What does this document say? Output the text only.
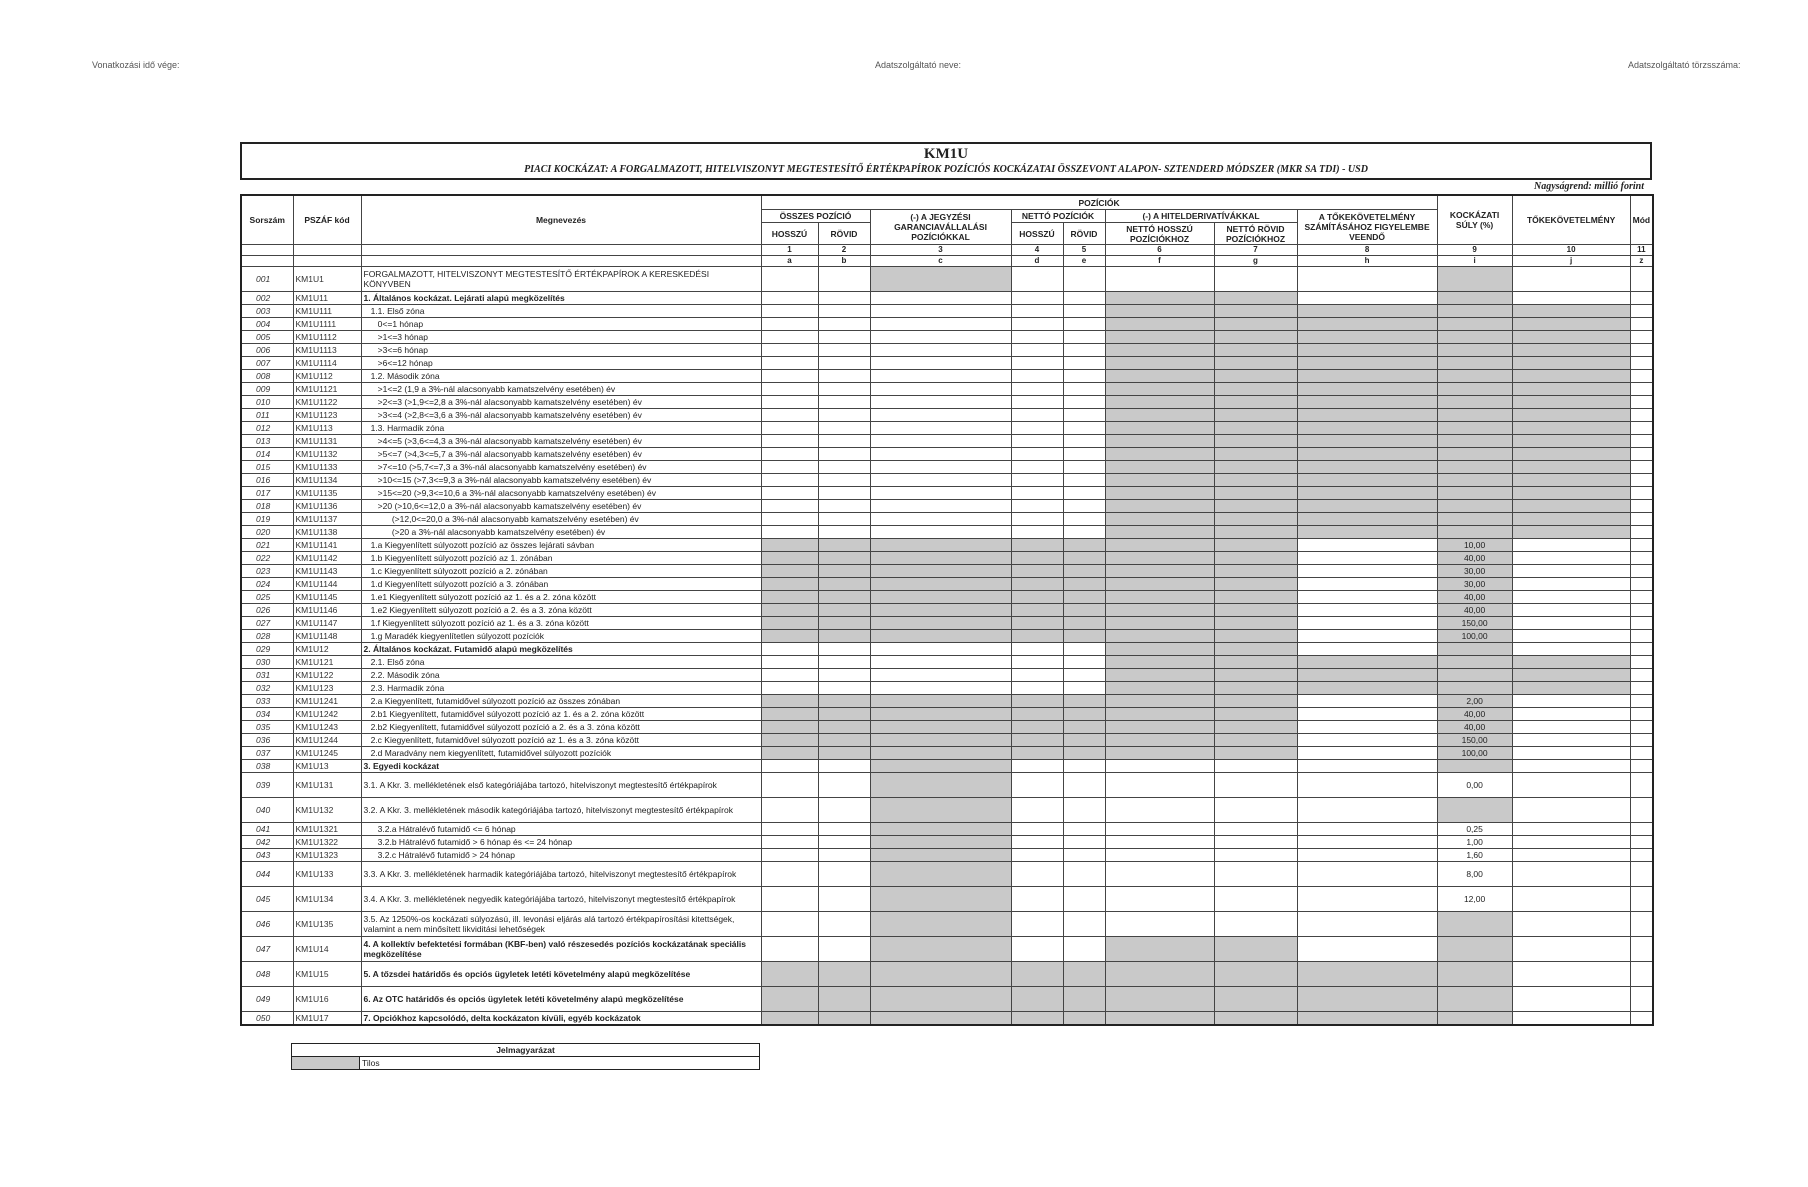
Vonatkozási idő vége:	Adatszolgáltató neve:	Adatszolgáltató törzsszáma:
KM1U
PIACI KOCKÁZAT: A FORGALMAZOTT, HITELVISZONYT MEGTESTESÍTŐ ÉRTÉKPAPÍROK POZÍCIÓS KOCKÁZATAI ÖSSZEVONT ALAPON- SZTENDERD MÓDSZER (MKR SA TDI) - USD
Nagyságrend: millió forint
Sorszám	PSZÁF kód	Megnevezés	POZÍCIÓK								KOCKÁZATI SÚLY (%)	TŐKEKÖVETELMÉNY	Mód
			ÖSSZES POZÍCIÓ		(-) A JEGYZÉSI GARANCIAVÁLLALÁSI POZÍCIÓKKAL	NETTÓ POZÍCIÓK		(-) A HITELDERIVATÍVÁKKAL		A TŐKEKÖVETELMÉNY SZÁMÍTÁSÁHOZ FIGYELEMBE VEENDŐ			
			HOSSZÚ	RÖVID		HOSSZÚ	RÖVID	NETTÓ HOSSZÚ POZÍCIÓKHOZ	NETTÓ RÖVID POZÍCIÓKHOZ				
			1	2	3	4	5	6	7	8	9	10	11
			a	b	c	d	e	f	g	h	i	j	z
001	KM1U1	FORGALMAZOTT, HITELVISZONYT MEGTESTESÍTŐ ÉRTÉKPAPÍROK A KERESKEDÉSI KÖNYVBEN											
002	KM1U11	1. Általános kockázat. Lejárati alapú megközelítés											
003	KM1U111	1.1. Első zóna											
004	KM1U1111	0<=1 hónap											
005	KM1U1112	>1<=3 hónap											
006	KM1U1113	>3<=6 hónap											
007	KM1U1114	>6<=12 hónap											
008	KM1U112	1.2. Második zóna											
009	KM1U1121	>1<=2 (1,9 a 3%-nál alacsonyabb kamatszelvény esetében) év											
010	KM1U1122	>2<=3 (>1,9<=2,8 a 3%-nál alacsonyabb kamatszelvény esetében) év											
011	KM1U1123	>3<=4 (>2,8<=3,6 a 3%-nál alacsonyabb kamatszelvény esetében) év											
012	KM1U113	1.3. Harmadik zóna											
013	KM1U1131	>4<=5 (>3,6<=4,3 a 3%-nál alacsonyabb kamatszelvény esetében) év											
014	KM1U1132	>5<=7 (>4,3<=5,7 a 3%-nál alacsonyabb kamatszelvény esetében) év											
015	KM1U1133	>7<=10 (>5,7<=7,3 a 3%-nál alacsonyabb kamatszelvény esetében) év											
016	KM1U1134	>10<=15 (>7,3<=9,3 a 3%-nál alacsonyabb kamatszelvény esetében) év											
017	KM1U1135	>15<=20 (>9,3<=10,6 a 3%-nál alacsonyabb kamatszelvény esetében) év											
018	KM1U1136	>20 (>10,6<=12,0 a 3%-nál alacsonyabb kamatszelvény esetében) év											
019	KM1U1137	(>12,0<=20,0 a 3%-nál alacsonyabb kamatszelvény esetében) év											
020	KM1U1138	(>20 a 3%-nál alacsonyabb kamatszelvény esetében) év											
021	KM1U1141	1.a Kiegyenlített súlyozott pozíció az összes lejárati sávban									10,00		
022	KM1U1142	1.b Kiegyenlített súlyozott pozíció az 1. zónában									40,00		
023	KM1U1143	1.c Kiegyenlített súlyozott pozíció a 2. zónában									30,00		
024	KM1U1144	1.d Kiegyenlített súlyozott pozíció a 3. zónában									30,00		
025	KM1U1145	1.e1 Kiegyenlített súlyozott pozíció az 1. és a 2. zóna között									40,00		
026	KM1U1146	1.e2 Kiegyenlített súlyozott pozíció a 2. és a 3. zóna között									40,00		
027	KM1U1147	1.f Kiegyenlített súlyozott pozíció az 1. és a 3. zóna között									150,00		
028	KM1U1148	1.g Maradék kiegyenlítetlen súlyozott pozíciók									100,00		
029	KM1U12	2. Általános kockázat. Futamidő alapú megközelítés											
030	KM1U121	2.1. Első zóna											
031	KM1U122	2.2. Második zóna											
032	KM1U123	2.3. Harmadik zóna											
033	KM1U1241	2.a Kiegyenlített, futamidővel súlyozott pozíció az összes zónában									2,00		
034	KM1U1242	2.b1 Kiegyenlített, futamidővel súlyozott pozíció az 1. és a 2. zóna között									40,00		
035	KM1U1243	2.b2 Kiegyenlített, futamidővel súlyozott pozíció a 2. és a 3. zóna között									40,00		
036	KM1U1244	2.c Kiegyenlített, futamidővel súlyozott pozíció az 1. és a 3. zóna között									150,00		
037	KM1U1245	2.d Maradvány nem kiegyenlített, futamidővel súlyozott pozíciók									100,00		
038	KM1U13	3. Egyedi kockázat											
039	KM1U131	3.1. A Kkr. 3. mellékletének első kategóriájába tartozó, hitelviszonyt megtestesítő értékpapírok									0,00		
040	KM1U132	3.2. A Kkr. 3. mellékletének második kategóriájába tartozó, hitelviszonyt megtestesítő értékpapírok											
041	KM1U1321	3.2.a Hátralévő futamidő <= 6 hónap									0,25		
042	KM1U1322	3.2.b Hátralévő futamidő > 6 hónap és <= 24 hónap									1,00		
043	KM1U1323	3.2.c Hátralévő futamidő > 24 hónap									1,60		
044	KM1U133	3.3. A Kkr. 3. mellékletének harmadik kategóriájába tartozó, hitelviszonyt megtestesítő értékpapírok									8,00		
045	KM1U134	3.4. A Kkr. 3. mellékletének negyedik kategóriájába tartozó, hitelviszonyt megtestesítő értékpapírok									12,00		
046	KM1U135	3.5. Az 1250%-os kockázati súlyozású, ill. levonási eljárás alá tartozó értékpapírosítási kitettségek, valamint a nem minősített likviditási lehetőségek											
047	KM1U14	4. A kollektív befektetési formában (KBF-ben) való részesedés pozíciós kockázatának speciális megközelítése											
048	KM1U15	5. A tőzsdei határidős és opciós ügyletek letéti követelmény alapú megközelítése											
049	KM1U16	6. Az OTC határidős és opciós ügyletek letéti követelmény alapú megközelítése											
050	KM1U17	7. Opciókhoz kapcsolódó, delta kockázaton kívüli, egyéb kockázatok											
Jelmagyarázat
	Tilos
